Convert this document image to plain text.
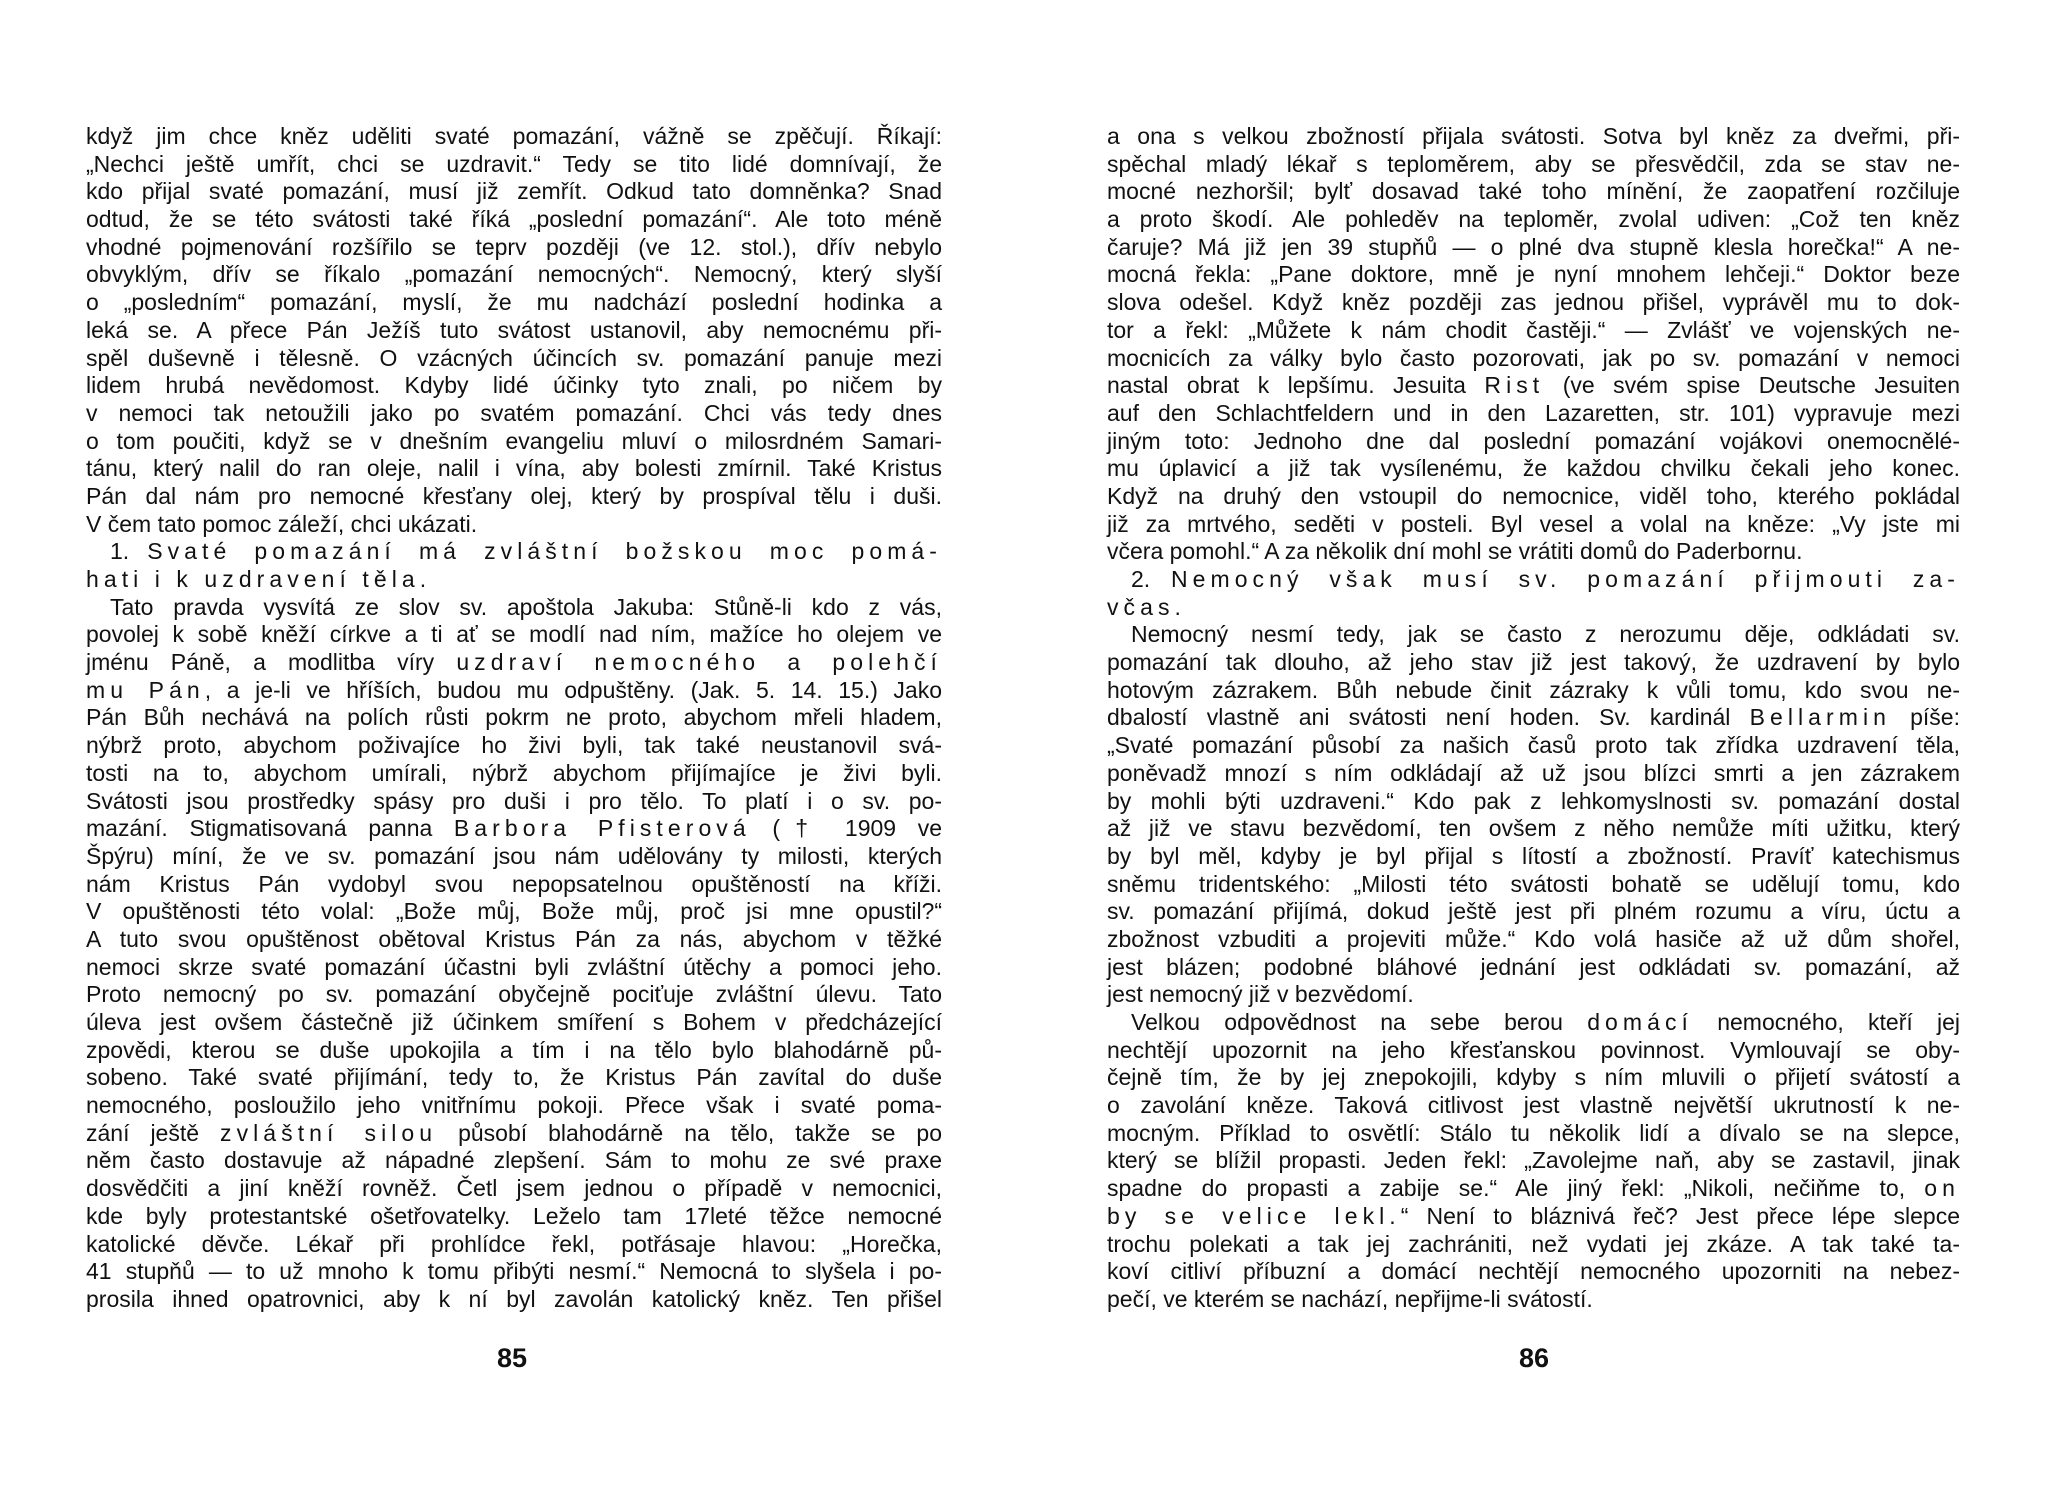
když jim chce kněz uděliti svaté pomazání, vážně se zpěčují. Říkají:
„Nechci ještě umřít, chci se uzdravit.“ Tedy se tito lidé domnívají, že
kdo přijal svaté pomazání, musí již zemřít. Odkud tato domněnka? Snad
odtud, že se této svátosti také říká „poslední pomazání“. Ale toto méně
vhodné pojmenování rozšířilo se teprv později (ve 12. stol.), dřív nebylo
obvyklým, dřív se říkalo „pomazání nemocných“. Nemocný, který slyší
o „posledním“ pomazání, myslí, že mu nadchází poslední hodinka a
leká se. A přece Pán Ježíš tuto svátost ustanovil, aby nemocnému při-
spěl duševně i tělesně. O vzácných účincích sv. pomazání panuje mezi
lidem hrubá nevědomost. Kdyby lidé účinky tyto znali, po ničem by
v nemoci tak netoužili jako po svatém pomazání. Chci vás tedy dnes
o tom poučiti, když se v dnešním evangeliu mluví o milosrdném Samari-
tánu, který nalil do ran oleje, nalil i vína, aby bolesti zmírnil. Také Kristus
Pán dal nám pro nemocné křesťany olej, který by prospíval tělu i duši.
V čem tato pomoc záleží, chci ukázati.
1. Svaté pomazání má zvláštní božskou moc pomá-
hati i k uzdravení těla.
Tato pravda vysvítá ze slov sv. apoštola Jakuba: Stůně-li kdo z vás,
povolej k sobě kněží církve a ti ať se modlí nad ním, mažíce ho olejem ve
jménu Páně, a modlitba víry uzdraví nemocného a polehčí
mu Pán, a je-li ve hříších, budou mu odpuštěny. (Jak. 5. 14. 15.) Jako
Pán Bůh nechává na polích růsti pokrm ne proto, abychom mřeli hladem,
nýbrž proto, abychom poživajíce ho živi byli, tak také neustanovil svá-
tosti na to, abychom umírali, nýbrž abychom přijímajíce je živi byli.
Svátosti jsou prostředky spásy pro duši i pro tělo. To platí i o sv. po-
mazání. Stigmatisovaná panna Barbora Pfisterová († 1909 ve
Špýru) míní, že ve sv. pomazání jsou nám udělovány ty milosti, kterých
nám Kristus Pán vydobyl svou nepopsatelnou opuštěností na kříži.
V opuštěnosti této volal: „Bože můj, Bože můj, proč jsi mne opustil?“
A tuto svou opuštěnost obětoval Kristus Pán za nás, abychom v těžké
nemoci skrze svaté pomazání účastni byli zvláštní útěchy a pomoci jeho.
Proto nemocný po sv. pomazání obyčejně pociťuje zvláštní úlevu. Tato
úleva jest ovšem částečně již účinkem smíření s Bohem v předcházející
zpovědi, kterou se duše upokojila a tím i na tělo bylo blahodárně pů-
sobeno. Také svaté přijímání, tedy to, že Kristus Pán zavítal do duše
nemocného, posloužilo jeho vnitřnímu pokoji. Přece však i svaté poma-
zání ještě zvláštní silou působí blahodárně na tělo, takže se po
něm často dostavuje až nápadné zlepšení. Sám to mohu ze své praxe
dosvědčiti a jiní kněží rovněž. Četl jsem jednou o případě v nemocnici,
kde byly protestantské ošetřovatelky. Leželo tam 17leté těžce nemocné
katolické děvče. Lékař při prohlídce řekl, potřásaje hlavou: „Horečka,
41 stupňů — to už mnoho k tomu přibýti nesmí.“ Nemocná to slyšela i po-
prosila ihned opatrovnici, aby k ní byl zavolán katolický kněz. Ten přišel
85
a ona s velkou zbožností přijala svátosti. Sotva byl kněz za dveřmi, při-
spěchal mladý lékař s teploměrem, aby se přesvědčil, zda se stav ne-
mocné nezhoršil; bylť dosavad také toho mínění, že zaopatření rozčiluje
a proto škodí. Ale pohleděv na teploměr, zvolal udiven: „Což ten kněz
čaruje? Má již jen 39 stupňů — o plné dva stupně klesla horečka!“ A ne-
mocná řekla: „Pane doktore, mně je nyní mnohem lehčeji.“ Doktor beze
slova odešel. Když kněz později zas jednou přišel, vyprávěl mu to dok-
tor a řekl: „Můžete k nám chodit častěji.“ — Zvlášť ve vojenských ne-
mocnicích za války bylo často pozorovati, jak po sv. pomazání v nemoci
nastal obrat k lepšímu. Jesuita Rist (ve svém spise Deutsche Jesuiten
auf den Schlachtfeldern und in den Lazaretten, str. 101) vypravuje mezi
jiným toto: Jednoho dne dal poslední pomazání vojákovi onemocnělé-
mu úplavicí a již tak vysílenému, že každou chvilku čekali jeho konec.
Když na druhý den vstoupil do nemocnice, viděl toho, kterého pokládal
již za mrtvého, seděti v posteli. Byl vesel a volal na kněze: „Vy jste mi
včera pomohl.“ A za několik dní mohl se vrátiti domů do Paderbornu.
2. Nemocný však musí sv. pomazání přijmouti za-
včas.
Nemocný nesmí tedy, jak se často z nerozumu děje, odkládati sv.
pomazání tak dlouho, až jeho stav již jest takový, že uzdravení by bylo
hotovým zázrakem. Bůh nebude činit zázraky k vůli tomu, kdo svou ne-
dbalostí vlastně ani svátosti není hoden. Sv. kardinál Bellarmin píše:
„Svaté pomazání působí za našich časů proto tak zřídka uzdravení těla,
poněvadž mnozí s ním odkládají až už jsou blízci smrti a jen zázrakem
by mohli býti uzdraveni.“ Kdo pak z lehkomyslnosti sv. pomazání dostal
až již ve stavu bezvědomí, ten ovšem z něho nemůže míti užitku, který
by byl měl, kdyby je byl přijal s lítostí a zbožností. Pravíť katechismus
sněmu tridentského: „Milosti této svátosti bohatě se udělují tomu, kdo
sv. pomazání přijímá, dokud ještě jest při plném rozumu a víru, úctu a
zbožnost vzbuditi a projeviti může.“ Kdo volá hasiče až už dům shořel,
jest blázen; podobné bláhové jednání jest odkládati sv. pomazání, až
jest nemocný již v bezvědomí.
Velkou odpovědnost na sebe berou domácí nemocného, kteří jej
nechtějí upozornit na jeho křesťanskou povinnost. Vymlouvají se oby-
čejně tím, že by jej znepokojili, kdyby s ním mluvili o přijetí svátostí a
o zavolání kněze. Taková citlivost jest vlastně největší ukrutností k ne-
mocným. Příklad to osvětlí: Stálo tu několik lidí a dívalo se na slepce,
který se blížil propasti. Jeden řekl: „Zavolejme naň, aby se zastavil, jinak
spadne do propasti a zabije se.“ Ale jiný řekl: „Nikoli, nečiňme to, on
by se velice lekl.“ Není to bláznivá řeč? Jest přece lépe slepce
trochu polekati a tak jej zachrániti, než vydati jej zkáze. A tak také ta-
koví citliví příbuzní a domácí nechtějí nemocného upozorniti na nebez-
pečí, ve kterém se nachází, nepřijme-li svátostí.
86
